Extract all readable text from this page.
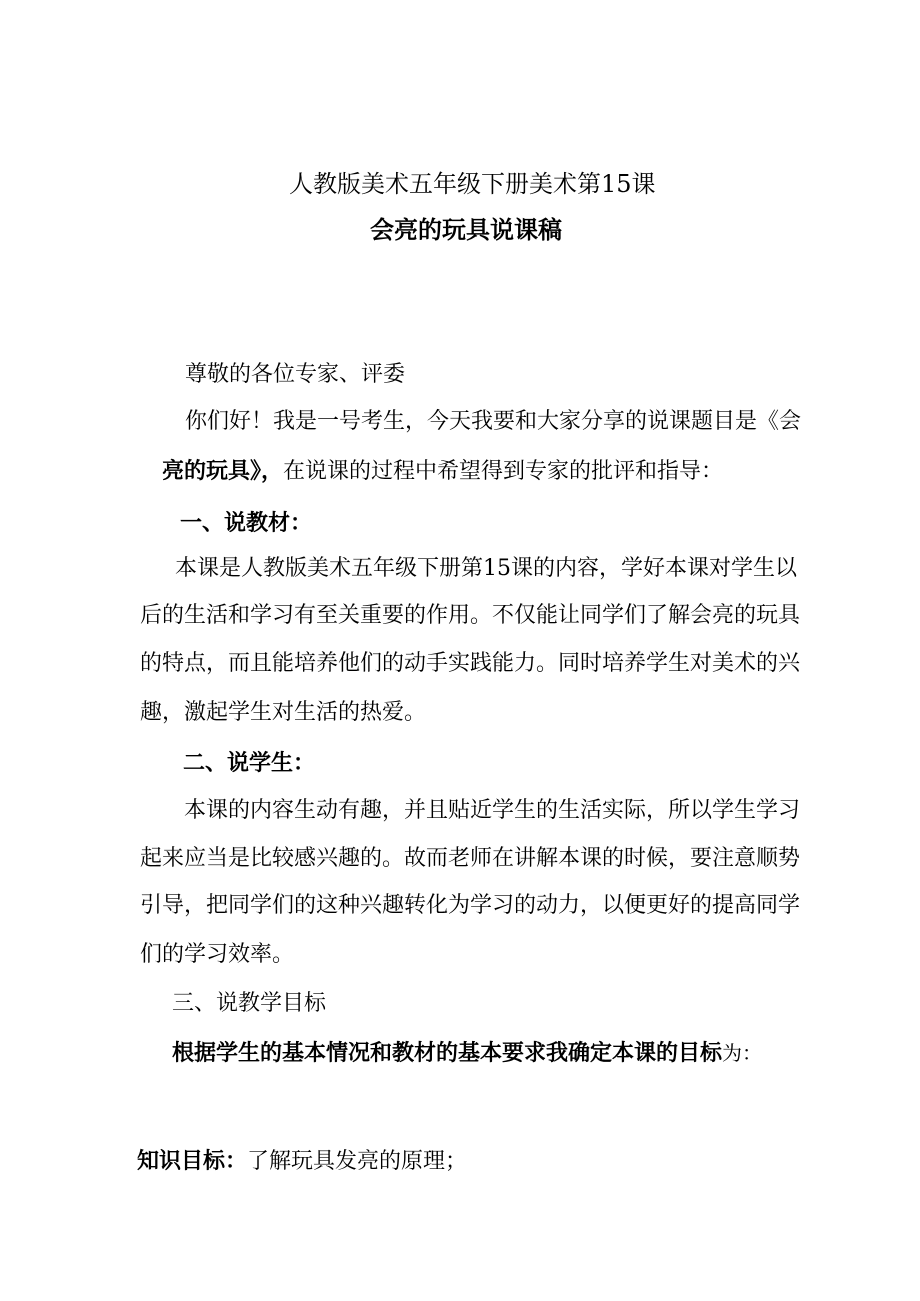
人教版美术五年级下册美术第15课
会亮的玩具说课稿
尊敬的各位专家、评委
你们好！我是一号考生，今天我要和大家分享的说课题目是《会
亮的玩具》，在说课的过程中希望得到专家的批评和指导：
一、说教材：
本课是人教版美术五年级下册第15课的内容，学好本课对学生以
后的生活和学习有至关重要的作用。不仅能让同学们了解会亮的玩具
的特点，而且能培养他们的动手实践能力。同时培养学生对美术的兴
趣，激起学生对生活的热爱。
二、说学生：
本课的内容生动有趣，并且贴近学生的生活实际，所以学生学习
起来应当是比较感兴趣的。故而老师在讲解本课的时候，要注意顺势
引导，把同学们的这种兴趣转化为学习的动力，以便更好的提高同学
们的学习效率。
三、说教学目标
根据学生的基本情况和教材的基本要求我确定本课的目标为：
知识目标：了解玩具发亮的原理；
